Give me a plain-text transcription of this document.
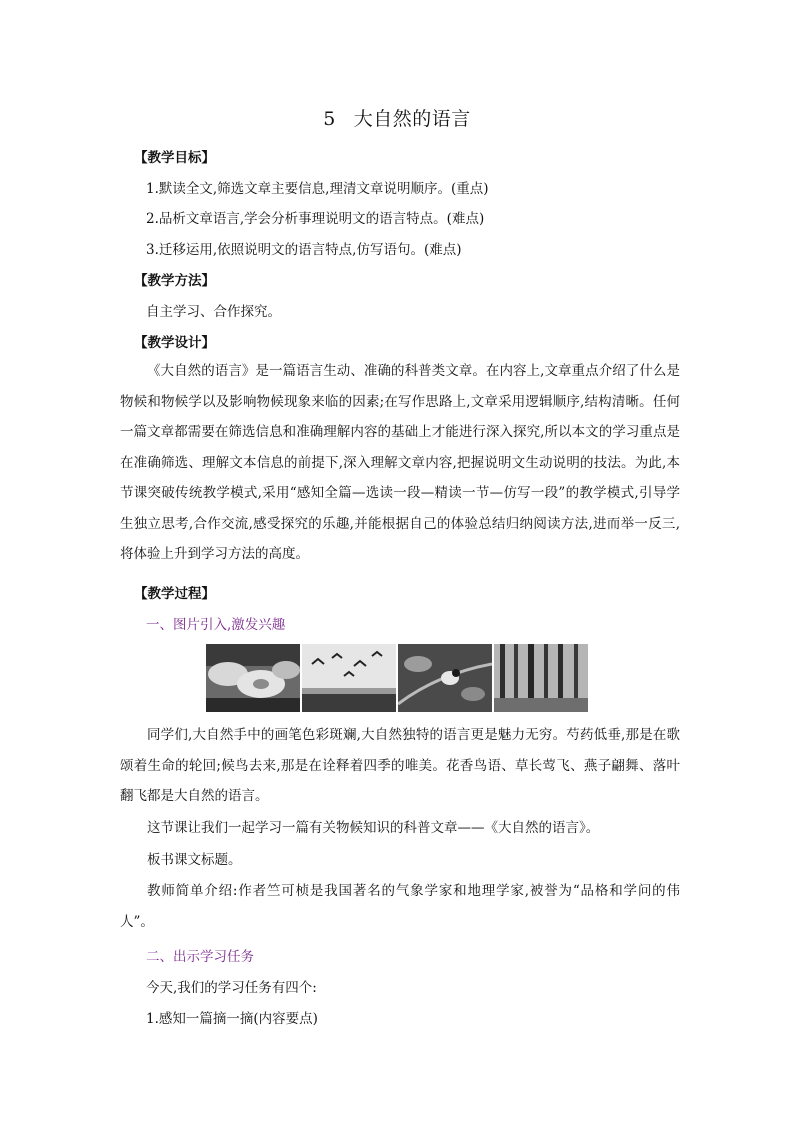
5 大自然的语言
【教学目标】
1.默读全文,筛选文章主要信息,理清文章说明顺序。(重点)
2.品析文章语言,学会分析事理说明文的语言特点。(难点)
3.迁移运用,依照说明文的语言特点,仿写语句。(难点)
【教学方法】
自主学习、合作探究。
【教学设计】
《大自然的语言》是一篇语言生动、准确的科普类文章。在内容上,文章重点介绍了什么是物候和物候学以及影响物候现象来临的因素;在写作思路上,文章采用逻辑顺序,结构清晰。任何一篇文章都需要在筛选信息和准确理解内容的基础上才能进行深入探究,所以本文的学习重点是在准确筛选、理解文本信息的前提下,深入理解文章内容,把握说明文生动说明的技法。为此,本节课突破传统教学模式,采用“感知全篇—选读一段—精读一节—仿写一段”的教学模式,引导学生独立思考,合作交流,感受探究的乐趣,并能根据自己的体验总结归纳阅读方法,进而举一反三,将体验上升到学习方法的高度。
【教学过程】
一、图片引入,激发兴趣
同学们,大自然手中的画笔色彩斑斓,大自然独特的语言更是魅力无穷。芍药低垂,那是在歌颂着生命的轮回;候鸟去来,那是在诠释着四季的唯美。花香鸟语、草长莺飞、燕子翩舞、落叶翻飞都是大自然的语言。
这节课让我们一起学习一篇有关物候知识的科普文章——《大自然的语言》。
板书课文标题。
教师简单介绍:作者竺可桢是我国著名的气象学家和地理学家,被誉为“品格和学问的伟人”。
二、出示学习任务
今天,我们的学习任务有四个:
1.感知一篇摘一摘(内容要点)
